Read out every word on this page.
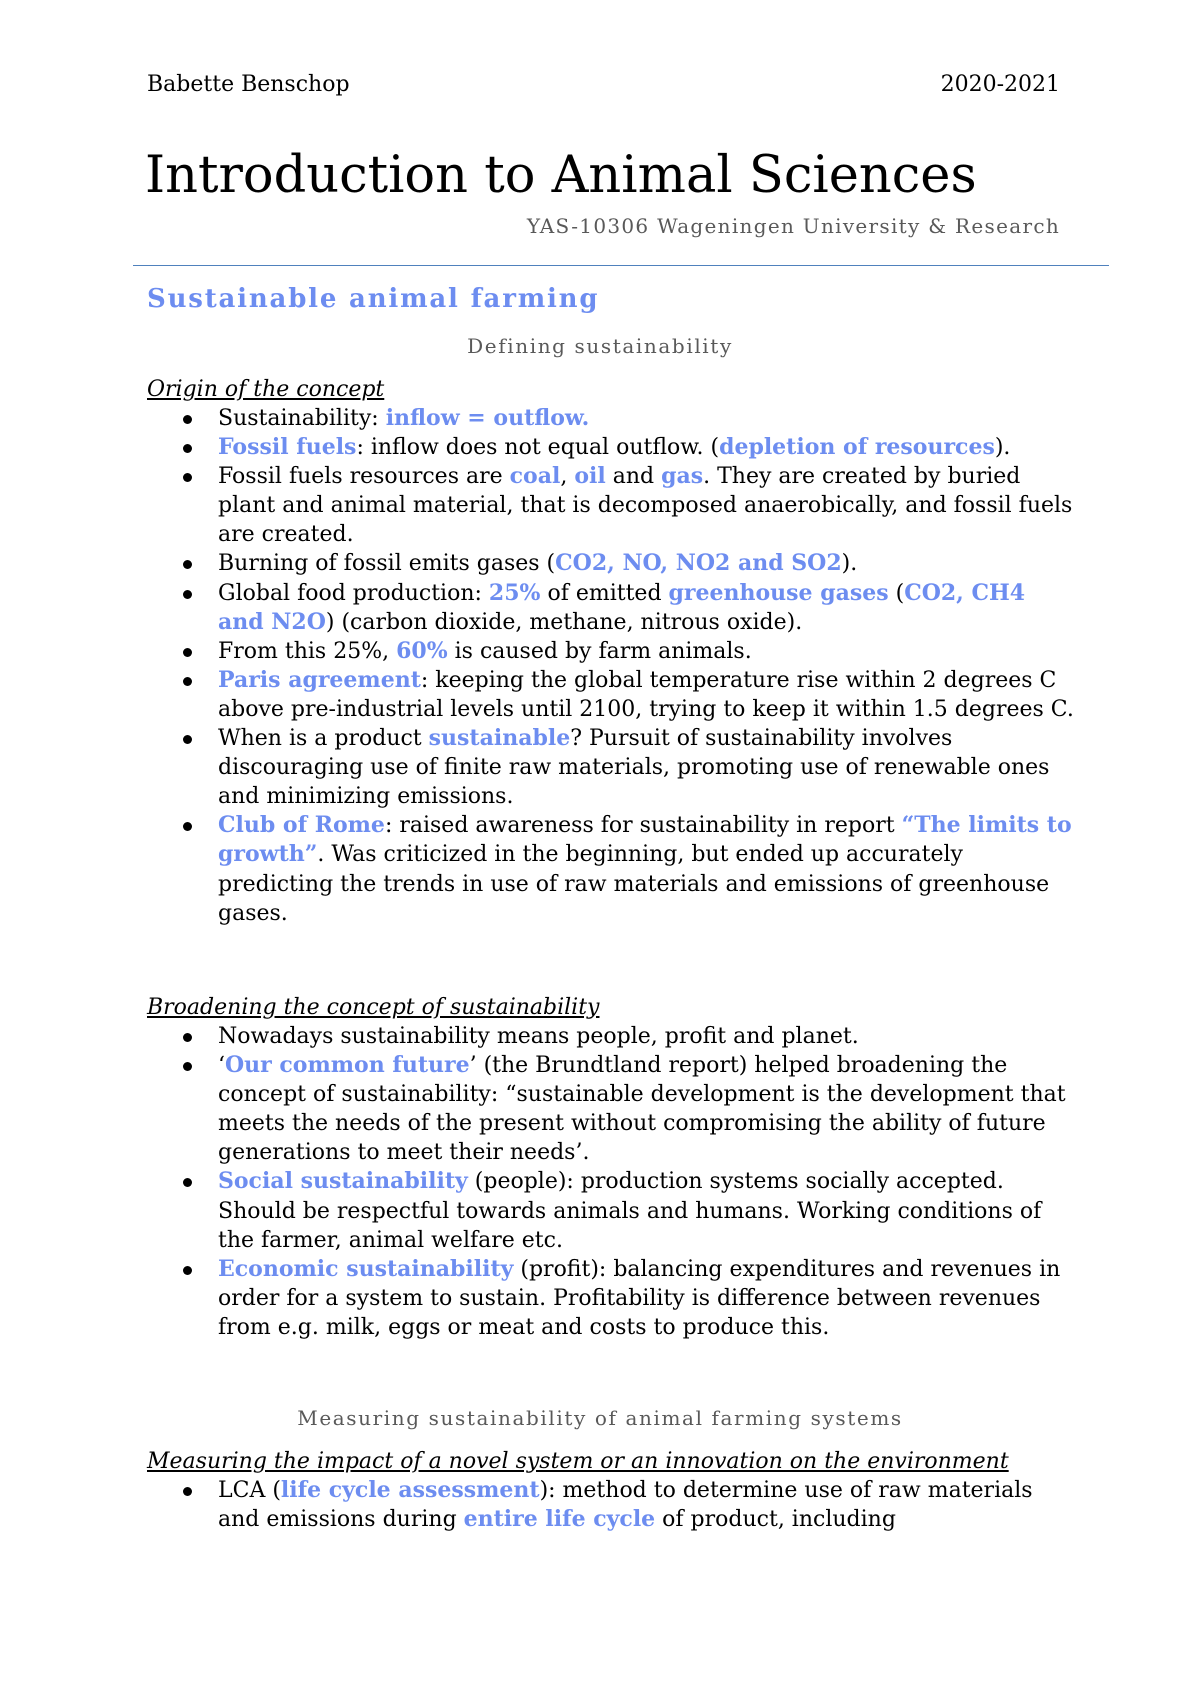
Babette Benschop	2020-2021
Introduction to Animal Sciences
YAS-10306 Wageningen University & Research
Sustainable animal farming
Defining sustainability
Origin of the concept
Sustainability: inflow = outflow.
Fossil fuels: inflow does not equal outflow. (depletion of resources).
Fossil fuels resources are coal, oil and gas. They are created by buried plant and animal material, that is decomposed anaerobically, and fossil fuels are created.
Burning of fossil emits gases (CO2, NO, NO2 and SO2).
Global food production: 25% of emitted greenhouse gases (CO2, CH4 and N2O) (carbon dioxide, methane, nitrous oxide).
From this 25%, 60% is caused by farm animals.
Paris agreement: keeping the global temperature rise within 2 degrees C above pre-industrial levels until 2100, trying to keep it within 1.5 degrees C.
When is a product sustainable? Pursuit of sustainability involves discouraging use of finite raw materials, promoting use of renewable ones and minimizing emissions.
Club of Rome: raised awareness for sustainability in report “The limits to growth”. Was criticized in the beginning, but ended up accurately predicting the trends in use of raw materials and emissions of greenhouse gases.
Broadening the concept of sustainability
Nowadays sustainability means people, profit and planet.
‘Our common future’ (the Brundtland report) helped broadening the concept of sustainability: “sustainable development is the development that meets the needs of the present without compromising the ability of future generations to meet their needs’.
Social sustainability (people): production systems socially accepted. Should be respectful towards animals and humans. Working conditions of the farmer, animal welfare etc.
Economic sustainability (profit): balancing expenditures and revenues in order for a system to sustain. Profitability is difference between revenues from e.g. milk, eggs or meat and costs to produce this.
Measuring sustainability of animal farming systems
Measuring the impact of a novel system or an innovation on the environment
LCA (life cycle assessment): method to determine use of raw materials and emissions during entire life cycle of product, including
